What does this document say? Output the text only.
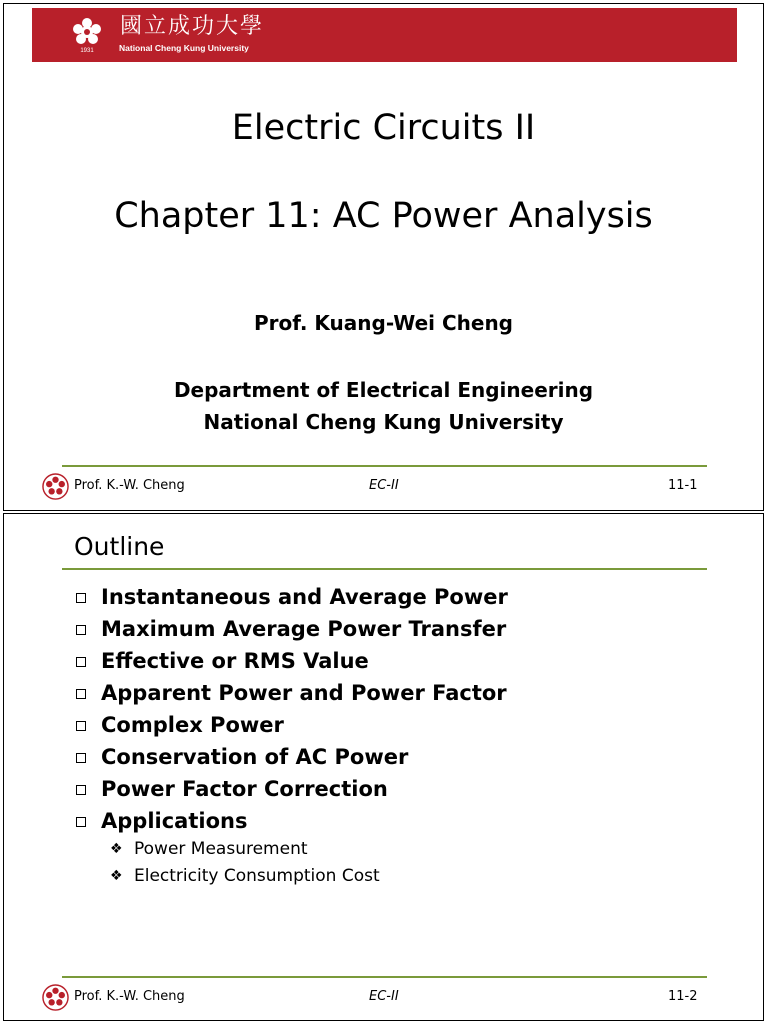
1931
國立成功大學
National Cheng Kung University
Electric Circuits II
Chapter 11: AC Power Analysis
Prof. Kuang-Wei Cheng
Department of Electrical Engineering
National Cheng Kung University
Prof. K.-W. Cheng	EC-II	11-1
Outline
Instantaneous and Average Power
Maximum Average Power Transfer
Effective or RMS Value
Apparent Power and Power Factor
Complex Power
Conservation of AC Power
Power Factor Correction
Applications
❖ Power Measurement
❖ Electricity Consumption Cost
Prof. K.-W. Cheng	EC-II	11-2
